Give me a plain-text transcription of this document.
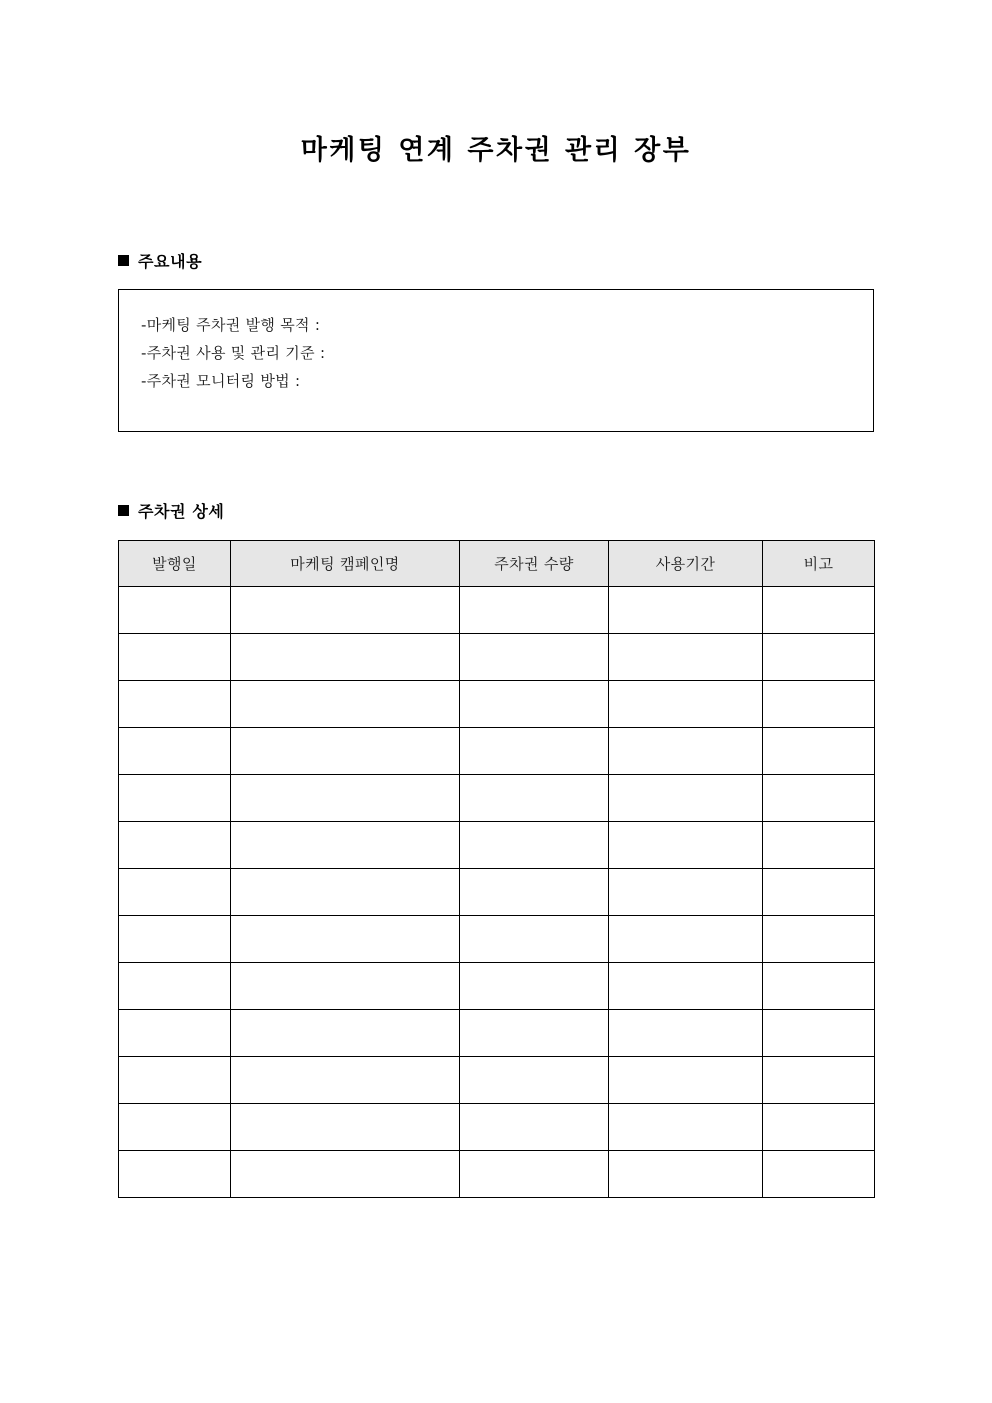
마케팅 연계 주차권 관리 장부
주요내용
-마케팅 주차권 발행 목적 :
-주차권 사용 및 관리 기준 :
-주차권 모니터링 방법 :
주차권 상세
발행일	마케팅 캠페인명	주차권 수량	사용기간	비고
